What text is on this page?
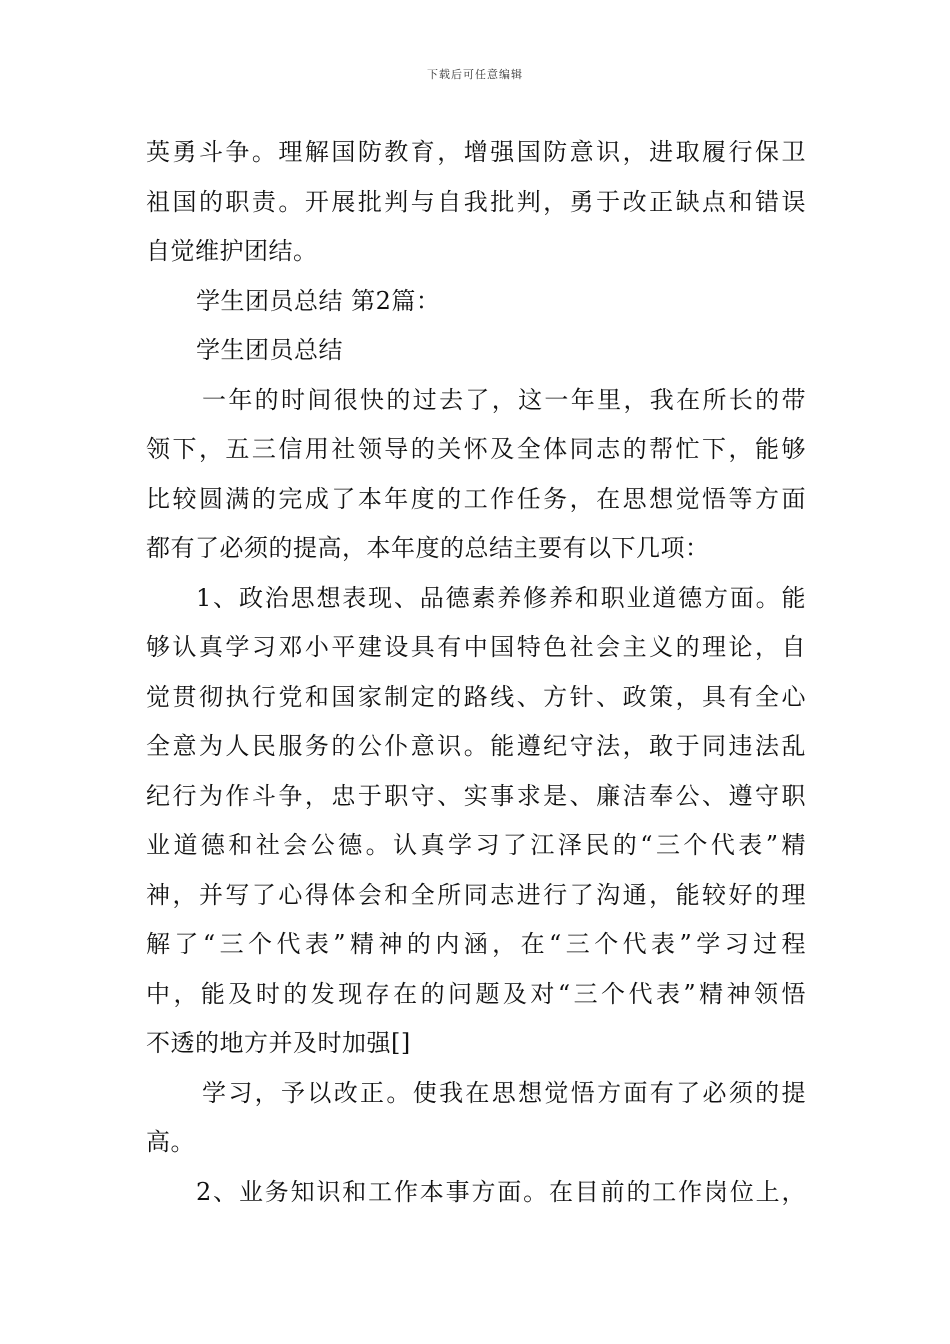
下载后可任意编辑
英勇斗争。理解国防教育，增强国防意识，进取履行保卫
祖国的职责。开展批判与自我批判，勇于改正缺点和错误
自觉维护团结。
学生团员总结 第2篇：
学生团员总结
一年的时间很快的过去了，这一年里，我在所长的带
领下，五三信用社领导的关怀及全体同志的帮忙下，能够
比较圆满的完成了本年度的工作任务，在思想觉悟等方面
都有了必须的提高，本年度的总结主要有以下几项：
1、政治思想表现、品德素养修养和职业道德方面。能
够认真学习邓小平建设具有中国特色社会主义的理论，自
觉贯彻执行党和国家制定的路线、方针、政策，具有全心
全意为人民服务的公仆意识。能遵纪守法，敢于同违法乱
纪行为作斗争，忠于职守、实事求是、廉洁奉公、遵守职
业道德和社会公德。认真学习了江泽民的“三个代表”精
神，并写了心得体会和全所同志进行了沟通，能较好的理
解了“三个代表”精神的内涵，在“三个代表”学习过程
中，能及时的发现存在的问题及对“三个代表”精神领悟
不透的地方并及时加强[]
学习，予以改正。使我在思想觉悟方面有了必须的提
高。
2、业务知识和工作本事方面。在目前的工作岗位上，
